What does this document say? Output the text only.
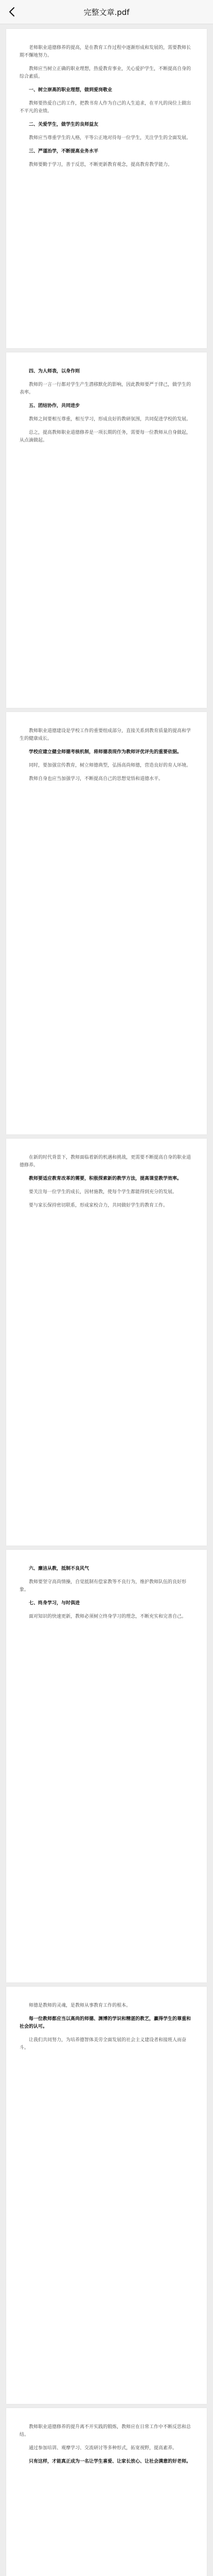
完整文章.pdf

老师职业道德修养的提高，是在教育工作过程中逐渐形成和发展的，需要教师长期不懈地努力。

教师应当树立正确的职业理想，热爱教育事业，关心爱护学生，不断提高自身的综合素质。

一、树立崇高的职业理想，做到爱岗敬业

教师要热爱自己的工作，把教书育人作为自己的人生追求，在平凡的岗位上做出不平凡的业绩。

二、关爱学生，做学生的良师益友

教师应当尊重学生的人格，平等公正地对待每一位学生，关注学生的全面发展。

三、严谨治学，不断提高业务水平

教师要勤于学习，善于反思，不断更新教育观念，提高教育教学能力。

四、为人师表，以身作则

教师的一言一行都对学生产生潜移默化的影响，因此教师要严于律己，做学生的表率。

五、团结协作，共同进步

教师之间要相互尊重，相互学习，形成良好的教研氛围，共同促进学校的发展。

总之，提高教师职业道德修养是一项长期的任务，需要每一位教师从自身做起，从点滴做起。

教师职业道德建设是学校工作的重要组成部分，直接关系到教育质量的提高和学生的健康成长。

学校应建立健全师德考核机制，将师德表现作为教师评优评先的重要依据。

同时，要加强宣传教育，树立师德典型，弘扬高尚师德，营造良好的育人环境。

教师自身也应当加强学习，不断提高自己的思想觉悟和道德水平。

在新的时代背景下，教师面临着新的机遇和挑战，更需要不断提高自身的职业道德修养。

教师要适应教育改革的需要，积极探索新的教学方法，提高课堂教学效率。

要关注每一位学生的成长，因材施教，使每个学生都能得到充分的发展。

要与家长保持密切联系，形成家校合力，共同做好学生的教育工作。

六、廉洁从教，抵制不良风气

教师要坚守高尚情操，自觉抵制有偿家教等不良行为，维护教师队伍的良好形象。

七、终身学习，与时俱进

面对知识的快速更新，教师必须树立终身学习的理念，不断充实和完善自己。

师德是教师的灵魂，是教师从事教育工作的根本。

每一位教师都应当以高尚的师德、渊博的学识和精湛的教艺，赢得学生的尊重和社会的认可。

让我们共同努力，为培养德智体美劳全面发展的社会主义建设者和接班人而奋斗。

教师职业道德修养的提升离不开实践的锻炼，教师应在日常工作中不断反思和总结。

通过参加培训、观摩学习、交流研讨等多种形式，拓宽视野，提高素养。

只有这样，才能真正成为一名让学生喜爱、让家长放心、让社会满意的好老师。
